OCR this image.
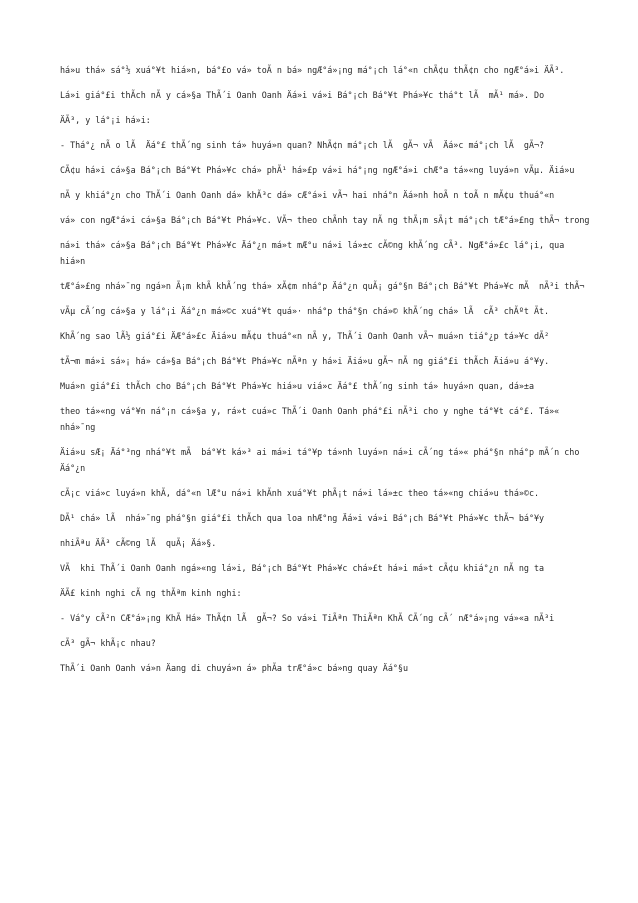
há»‌u thá»‌ sá°½ xuá°¥t hiá»‌n, bá°£o vá»‌ toÃ n bá»‌ ngÆ°á»¡ng má°¡ch lá°«n chÃ¢u thÃ¢n cho ngÆ°á»‌i Ä‌Ã³.

Lá»‌i giá°£i thÃch nÃ y cá»§a ThÃ´i Oanh Oanh Ä‌á»‌i vá»‌i Bá°¡ch Bá°¥t Phá»¥c thá°t lÃ  mÃ¹ má»‌. Do

Ä‌Ã³, y lá°¡i há»‌i:

- Thá°¿ nÃ o lÃ  Ä‌á°£ thÃ´ng sinh tá» huyá»‌n quan? NhÃ¢n má°¡ch lÃ  gÃ¬ vÃ  Ä‌á»‌c má°¡ch lÃ  gÃ¬?

CÃ¢u há»‌i cá»§a Bá°¡ch Bá°¥t Phá»¥c chá»‌ phÃ¹ há»£p vá»‌i há°¡ng ngÆ°á»‌i chÆ°a tá»«ng luyá»‌n vÃµ. Ä‌iá»‌u

nÃ y khiá°¿n cho ThÃ´i Oanh Oanh dá»‌ khÃ³c dá»‌ cÆ°á»‌i vÃ¬ hai nhá°n Ä‌á»‌nh hoÃ n toÃ n mÃ¢u thuá°«n

vá»‌ con ngÆ°á»‌i cá»§a Bá°¡ch Bá°¥t Phá»¥c. VÃ¬ theo chÃnh tay nÃ ng thÃ¡m sÃ¡t má°¡ch tÆ°á»£ng thÃ¬ trong

ná»‌i thá»‌ cá»§a Bá°¡ch Bá°¥t Phá»¥c Ä‌á°¿n má»‌t mÆ°u ná»‌i lá»±c cÃ©ng khÃ´ng cÃ³. NgÆ°á»£c lá°¡i, qua hiá»‌n

tÆ°á»£ng nhá»¯ng ngá»‌n Ã¡m khÃ khÃ´ng thá»‌ xÃ¢m nhá°p Ä‌á°¿n quÃ¡ gá°§n Bá°¡ch Bá°¥t Phá»¥c mÃ  nÃ³i thÃ¬

vÃµ cÃ´ng cá»§a y lá°¡i Ä‌á°¿n má»©c xuá°¥t quá»· nhá°p thá°§n chá»© khÃ´ng chá»‌ lÃ  cÃ³ chÃºt Ãt.

KhÃ´ng sao lÃ½ giá°£i Ä‌Æ°á»£c Ä‌iá»‌u mÃ¢u thuá°«n nÃ y, ThÃ´i Oanh Oanh vÃ¬ muá»‌n tiá°¿p tá»¥c dÃ²

tÃ¬m má»‌i sá»¡ há»‌ cá»§a Bá°¡ch Bá°¥t Phá»¥c nÃªn y há»‌i Ä‌iá»‌u gÃ¬ nÃ ng giá°£i thÃch Ä‌iá»‌u á°¥y.

Muá»‌n giá°£i thÃch cho Bá°¡ch Bá°¥t Phá»¥c hiá»‌u viá»‌c Ä‌á°£ thÃ´ng sinh tá» huyá»‌n quan, dá»±a

theo tá»«ng vá°¥n ná°¡n cá»§a y, rá»‌t cuá»‌c ThÃ´i Oanh Oanh phá°£i nÃ³i cho y nghe tá°¥t cá°£. Tá»« nhá»¯ng

Ä‌iá»‌u sÆ¡ Ä‌á°³ng nhá°¥t mÃ  bá°¥t ká»³ ai má»‌i tá°¥p tá»‌nh luyá»‌n ná»‌i cÃ´ng tá»« phá°§n nhá°p mÃ´n cho Ä‌á°¿n

cÃ¡c viá»‌c luyá»‌n khÃ, dá°«n lÆ°u ná»‌i khÃnh xuá°¥t phÃ¡t ná»‌i lá»±c theo tá»«ng chiá»u thá»©c.

DÃ¹ chá»‌ lÃ  nhá»¯ng phá°§n giá°£i thÃch qua loa nhÆ°ng Ä‌á»‌i vá»‌i Bá°¡ch Bá°¥t Phá»¥c thÃ¬ bá°¥y

nhiÃªu Ä‌Ã³ cÃ©ng lÃ  quÃ¡ Ä‌á»§.

VÃ  khi ThÃ´i Oanh Oanh ngá»«ng lá»‌i, Bá°¡ch Bá°¥t Phá»¥c chá»£t há»‌i má»‌t cÃ¢u khiá°¿n nÃ ng ta

Ä‌Ã£ kinh nghi cÃ ng thÃªm kinh nghi:

- Vá°y cÃ²n CÆ°á»¡ng KhÃ Há»‌ ThÃ¢n lÃ  gÃ¬? So vá»‌i TiÃªn ThiÃªn KhÃ CÃ´ng cÃ´ nÆ°á»¡ng vá»«a nÃ³i

cÃ³ gÃ¬ khÃ¡c nhau?

ThÃ´i Oanh Oanh vá»‌n Ä‌ang di chuyá»‌n á»‌ phÃa trÆ°á»‌c bá»‌ng quay Ä‌á°§u
